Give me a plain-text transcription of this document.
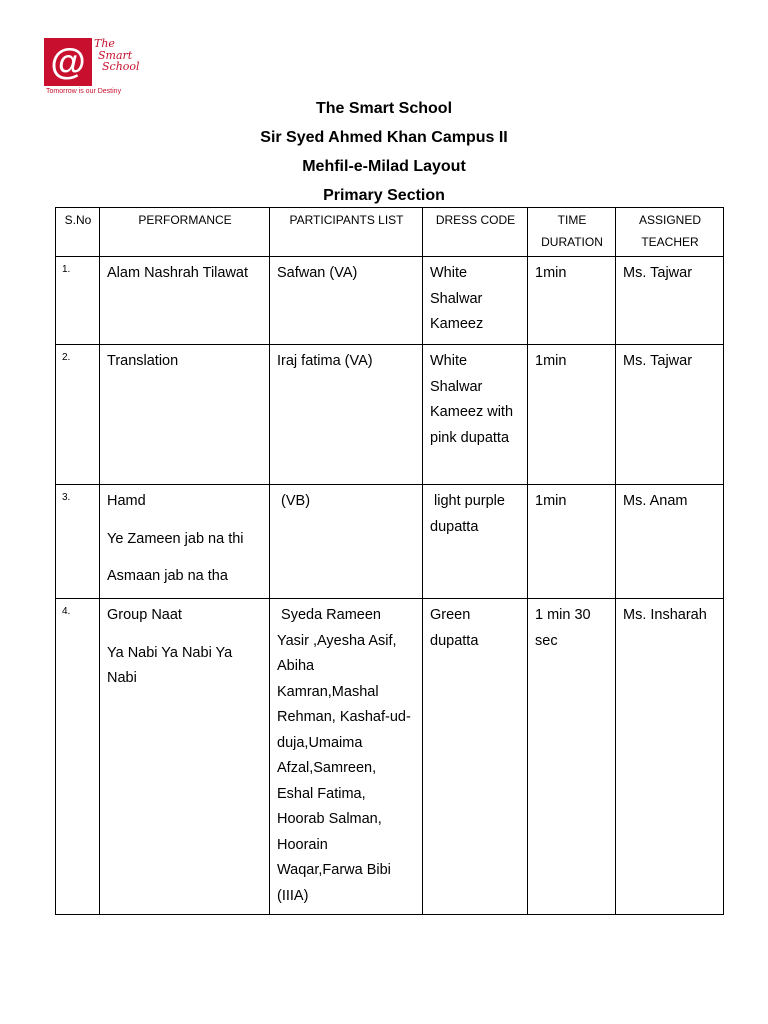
@ The
Smart
School
Tomorrow is our Destiny
The Smart School
Sir Syed Ahmed Khan Campus II
Mehfil-e-Milad Layout
Primary Section
S.No	PERFORMANCE	PARTICIPANTS LIST	DRESS CODE	TIME DURATION	ASSIGNED TEACHER
1.	Alam Nashrah Tilawat	Safwan (VA)	White Shalwar Kameez	1min	Ms. Tajwar
2.	Translation	Iraj fatima (VA)	White Shalwar Kameez with pink dupatta	1min	Ms. Tajwar
3.	Hamd
Ye Zameen jab na thi
Asmaan jab na tha	(VB)	light purple dupatta	1min	Ms. Anam
4.	Group Naat
Ya Nabi Ya Nabi Ya Nabi	Syeda Rameen Yasir ,Ayesha Asif, Abiha Kamran,Mashal Rehman, Kashaf-ud-duja,Umaima Afzal,Samreen, Eshal Fatima, Hoorab Salman, Hoorain Waqar,Farwa Bibi (IIIA)	Green dupatta	1 min 30 sec	Ms. Insharah
